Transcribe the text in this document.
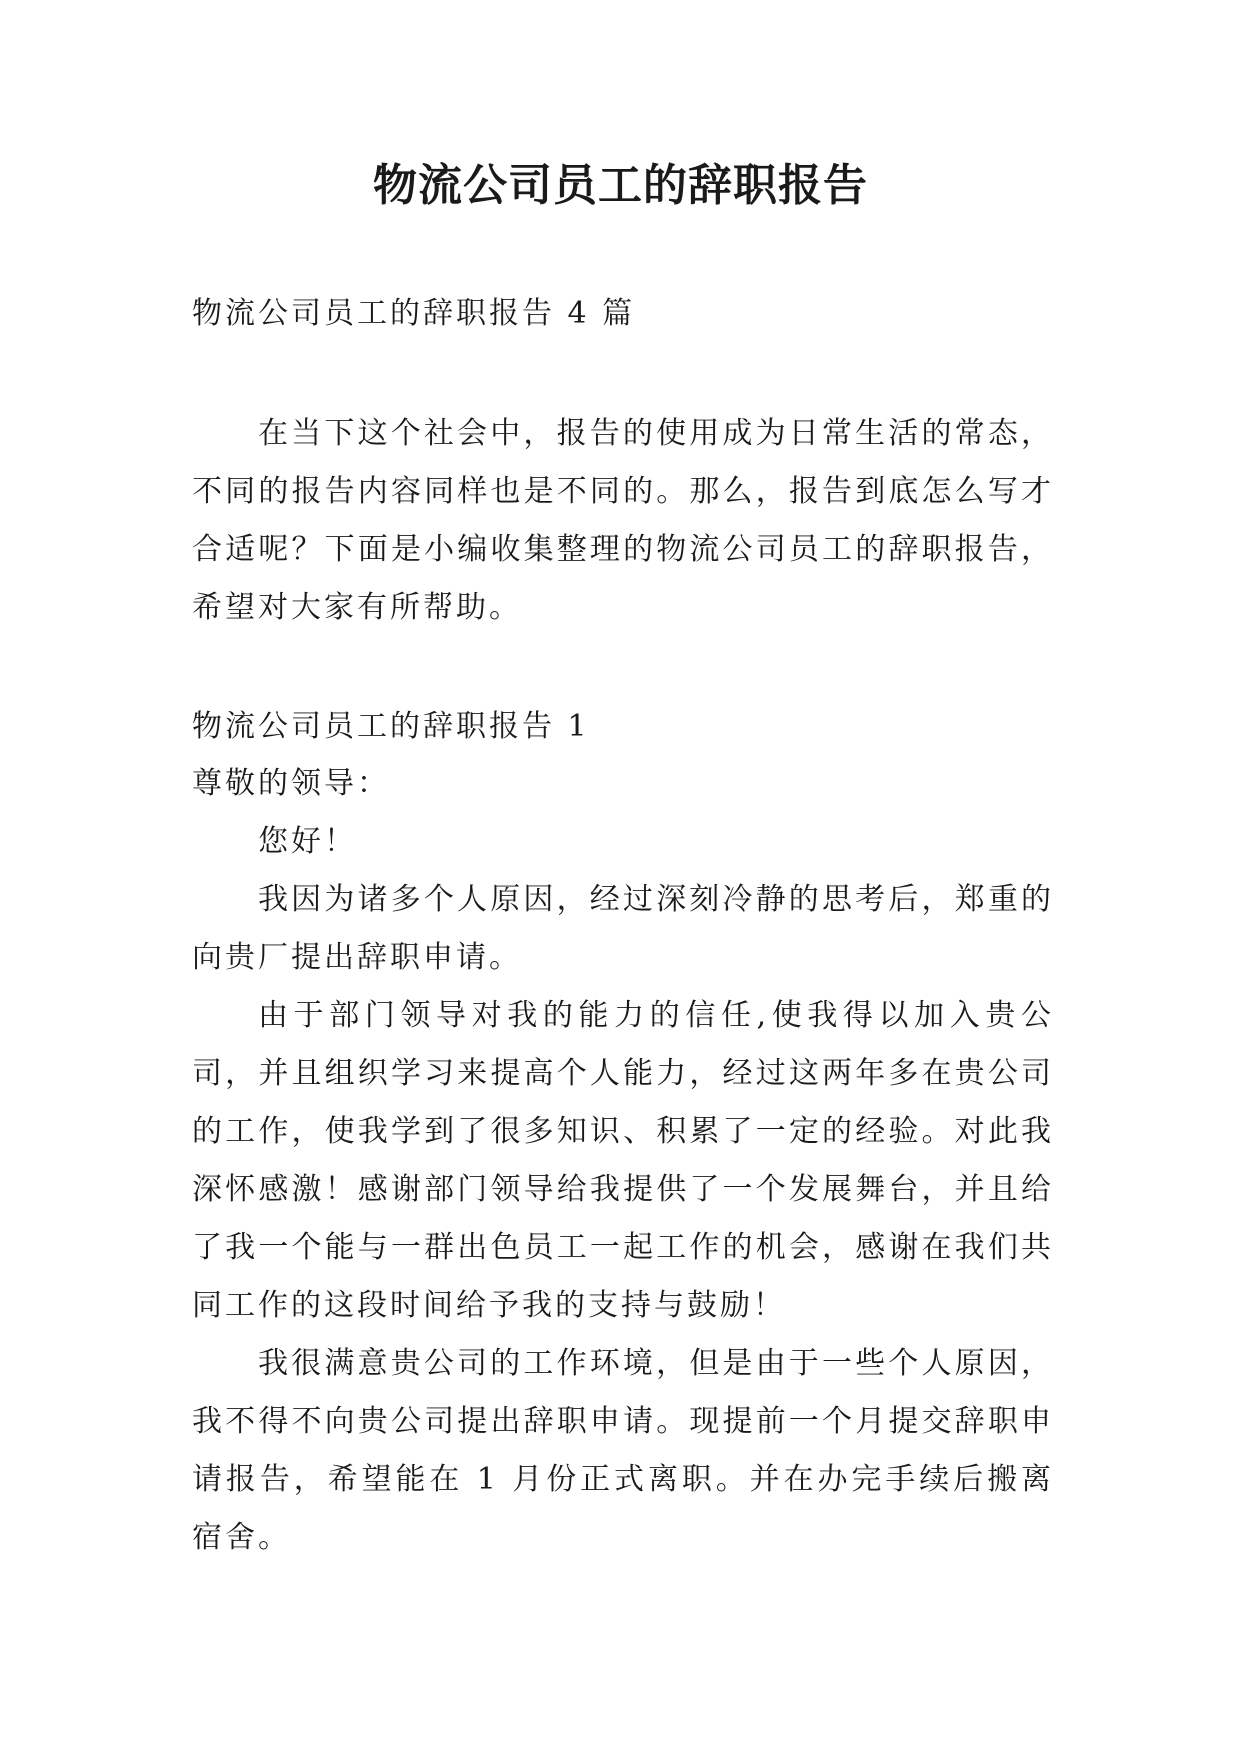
物流公司员工的辞职报告

物流公司员工的辞职报告 4 篇

在当下这个社会中，报告的使用成为日常生活的常态，不同的报告内容同样也是不同的。那么，报告到底怎么写才合适呢？下面是小编收集整理的物流公司员工的辞职报告，希望对大家有所帮助。

物流公司员工的辞职报告 1

尊敬的领导：

您好！

我因为诸多个人原因，经过深刻冷静的思考后，郑重的向贵厂提出辞职申请。

由于部门领导对我的能力的信任,使我得以加入贵公司，并且组织学习来提高个人能力，经过这两年多在贵公司的工作，使我学到了很多知识、积累了一定的经验。对此我深怀感激！感谢部门领导给我提供了一个发展舞台，并且给了我一个能与一群出色员工一起工作的机会，感谢在我们共同工作的这段时间给予我的支持与鼓励！

我很满意贵公司的工作环境，但是由于一些个人原因，我不得不向贵公司提出辞职申请。现提前一个月提交辞职申请报告，希望能在 1 月份正式离职。并在办完手续后搬离宿舍。
